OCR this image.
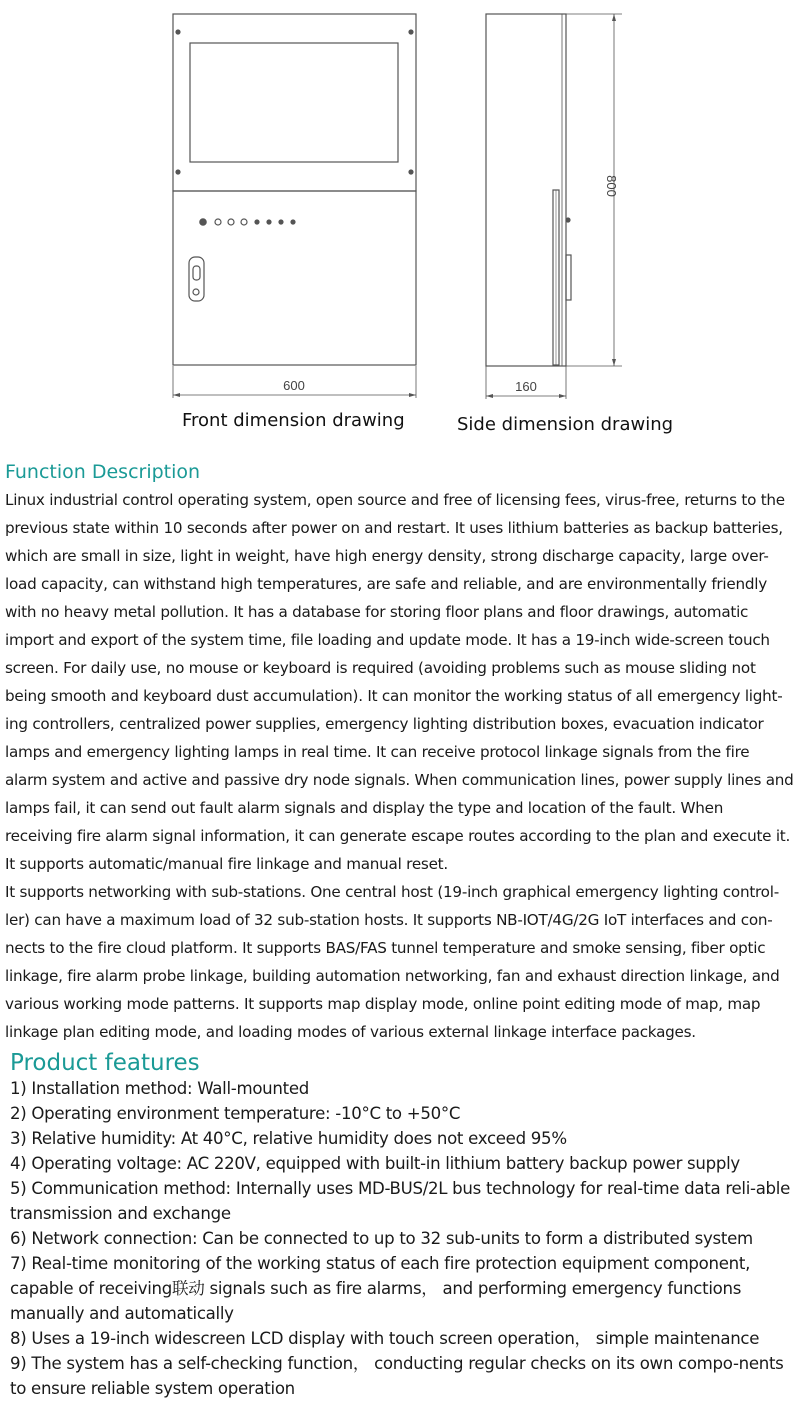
600	160
800
Front dimension drawing	Side dimension drawing
Function Description

Linux industrial control operating system, open source and free of licensing fees, virus-free, returns to the previous state within 10 seconds after power on and restart. It uses lithium batteries as backup batteries, which are small in size, light in weight, have high energy density, strong discharge capacity, large over-load capacity, can withstand high temperatures, are safe and reliable, and are environmentally friendly with no heavy metal pollution. It has a database for storing floor plans and floor drawings, automatic import and export of the system time, file loading and update mode. It has a 19-inch wide-screen touch screen. For daily use, no mouse or keyboard is required (avoiding problems such as mouse sliding not being smooth and keyboard dust accumulation). It can monitor the working status of all emergency light-ing controllers, centralized power supplies, emergency lighting distribution boxes, evacuation indicator lamps and emergency lighting lamps in real time. It can receive protocol linkage signals from the fire alarm system and active and passive dry node signals. When communication lines, power supply lines and lamps fail, it can send out fault alarm signals and display the type and location of the fault. When receiving fire alarm signal information, it can generate escape routes according to the plan and execute it. It supports automatic/manual fire linkage and manual reset.

It supports networking with sub-stations. One central host (19-inch graphical emergency lighting control-ler) can have a maximum load of 32 sub-station hosts. It supports NB-IOT/4G/2G IoT interfaces and con-nects to the fire cloud platform. It supports BAS/FAS tunnel temperature and smoke sensing, fiber optic linkage, fire alarm probe linkage, building automation networking, fan and exhaust direction linkage, and various working mode patterns. It supports map display mode, online point editing mode of map, map linkage plan editing mode, and loading modes of various external linkage interface packages.

Product features
1) Installation method: Wall-mounted
2) Operating environment temperature: -10°C to +50°C
3) Relative humidity: At 40°C, relative humidity does not exceed 95%
4) Operating voltage: AC 220V, equipped with built-in lithium battery backup power supply
5) Communication method: Internally uses MD-BUS/2L bus technology for real-time data reli-able transmission and exchange
6) Network connection: Can be connected to up to 32 sub-units to form a distributed system
7) Real-time monitoring of the working status of each fire protection equipment component, capable of receiving联动 signals such as fire alarms， and performing emergency functions manually and automatically
8) Uses a 19-inch widescreen LCD display with touch screen operation， simple maintenance
9) The system has a self-checking function， conducting regular checks on its own compo-nents to ensure reliable system operation
